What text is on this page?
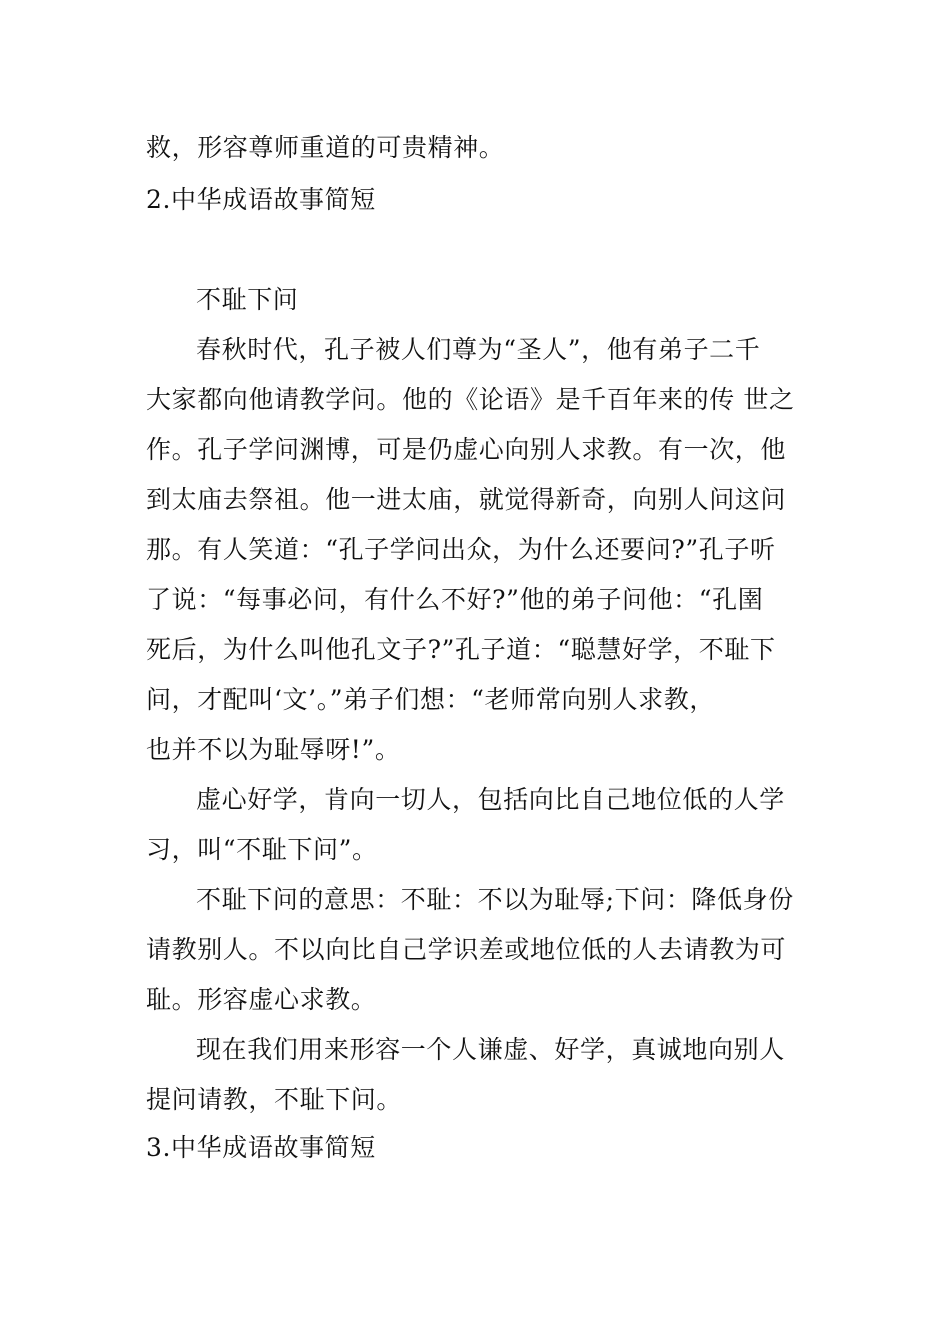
救，形容尊师重道的可贵精神。
2.中华成语故事简短
不耻下问
春秋时代，孔子被人们尊为“圣人”，他有弟子二千
大家都向他请教学问。他的《论语》是千百年来的传 世之
作。孔子学问渊博，可是仍虚心向别人求教。有一次，他
到太庙去祭祖。他一进太庙，就觉得新奇，向别人问这问
那。有人笑道：“孔子学问出众，为什么还要问?”孔子听
了说：“每事必问，有什么不好?”他的弟子问他：“孔圉
死后，为什么叫他孔文子?”孔子道：“聪慧好学，不耻下
问，才配叫‘文’。”弟子们想：“老师常向别人求教，
也并不以为耻辱呀!”。
虚心好学，肯向一切人，包括向比自己地位低的人学
习，叫“不耻下问”。
不耻下问的意思：不耻：不以为耻辱;下问：降低身份
请教别人。不以向比自己学识差或地位低的人去请教为可
耻。形容虚心求教。
现在我们用来形容一个人谦虚、好学，真诚地向别人
提问请教，不耻下问。
3.中华成语故事简短
